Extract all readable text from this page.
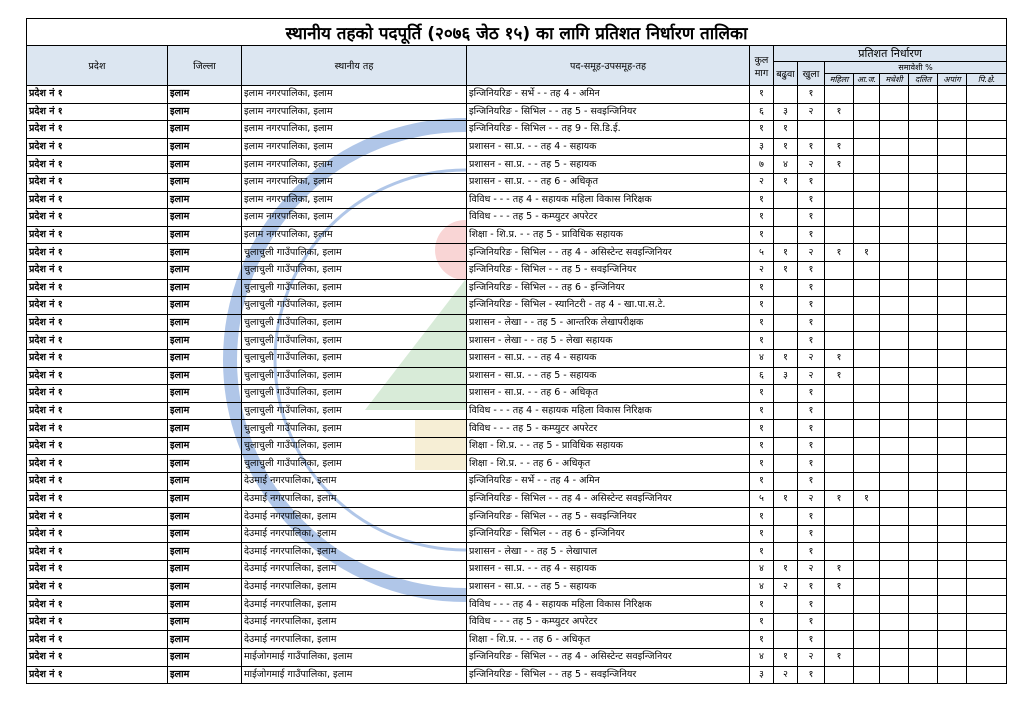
स्थानीय तहको पदपूर्ति (२०७६ जेठ १५) का लागि प्रतिशत निर्धारण तालिका												
प्रदेश	जिल्ला	स्थानीय तह	पद-समूह-उपसमूह-तह	कुल माग	प्रतिशत निर्धारण							
					बढुवा	खुला	समावेशी %					
							महिला	आ.ज.	मधेशी	दलित	अपांग	पि.क्षे.
प्रदेश नं १	इलाम	इलाम नगरपालिका, इलाम	इन्जिनियरिङ - सर्भे - - तह 4 - अमिन	१		१						
प्रदेश नं १	इलाम	इलाम नगरपालिका, इलाम	इन्जिनियरिङ - सिभिल - - तह 5 - सवइन्जिनियर	६	३	२	१					
प्रदेश नं १	इलाम	इलाम नगरपालिका, इलाम	इन्जिनियरिङ - सिभिल - - तह 9 - सि.डि.ई.	१	१							
प्रदेश नं १	इलाम	इलाम नगरपालिका, इलाम	प्रशासन - सा.प्र. - - तह 4 - सहायक	३	१	१	१					
प्रदेश नं १	इलाम	इलाम नगरपालिका, इलाम	प्रशासन - सा.प्र. - - तह 5 - सहायक	७	४	२	१					
प्रदेश नं १	इलाम	इलाम नगरपालिका, इलाम	प्रशासन - सा.प्र. - - तह 6 - अधिकृत	२	१	१						
प्रदेश नं १	इलाम	इलाम नगरपालिका, इलाम	विविध - - - तह 4 - सहायक महिला विकास निरिक्षक	१		१						
प्रदेश नं १	इलाम	इलाम नगरपालिका, इलाम	विविध - - - तह 5 - कम्प्युटर अपरेटर	१		१						
प्रदेश नं १	इलाम	इलाम नगरपालिका, इलाम	शिक्षा - शि.प्र. - - तह 5 - प्राविधिक सहायक	१		१						
प्रदेश नं १	इलाम	चुलाचुली गाउँपालिका, इलाम	इन्जिनियरिङ - सिभिल - - तह 4 - असिस्टेन्ट सवइन्जिनियर	५	१	२	१	१				
प्रदेश नं १	इलाम	चुलाचुली गाउँपालिका, इलाम	इन्जिनियरिङ - सिभिल - - तह 5 - सवइन्जिनियर	२	१	१						
प्रदेश नं १	इलाम	चुलाचुली गाउँपालिका, इलाम	इन्जिनियरिङ - सिभिल - - तह 6 - इन्जिनियर	१		१						
प्रदेश नं १	इलाम	चुलाचुली गाउँपालिका, इलाम	इन्जिनियरिङ - सिभिल - स्यानिटरी - तह 4 - खा.पा.स.टे.	१		१						
प्रदेश नं १	इलाम	चुलाचुली गाउँपालिका, इलाम	प्रशासन - लेखा - - तह 5 - आन्तरिक लेखापरीक्षक	१		१						
प्रदेश नं १	इलाम	चुलाचुली गाउँपालिका, इलाम	प्रशासन - लेखा - - तह 5 - लेखा सहायक	१		१						
प्रदेश नं १	इलाम	चुलाचुली गाउँपालिका, इलाम	प्रशासन - सा.प्र. - - तह 4 - सहायक	४	१	२	१					
प्रदेश नं १	इलाम	चुलाचुली गाउँपालिका, इलाम	प्रशासन - सा.प्र. - - तह 5 - सहायक	६	३	२	१					
प्रदेश नं १	इलाम	चुलाचुली गाउँपालिका, इलाम	प्रशासन - सा.प्र. - - तह 6 - अधिकृत	१		१						
प्रदेश नं १	इलाम	चुलाचुली गाउँपालिका, इलाम	विविध - - - तह 4 - सहायक महिला विकास निरिक्षक	१		१						
प्रदेश नं १	इलाम	चुलाचुली गाउँपालिका, इलाम	विविध - - - तह 5 - कम्प्युटर अपरेटर	१		१						
प्रदेश नं १	इलाम	चुलाचुली गाउँपालिका, इलाम	शिक्षा - शि.प्र. - - तह 5 - प्राविधिक सहायक	१		१						
प्रदेश नं १	इलाम	चुलाचुली गाउँपालिका, इलाम	शिक्षा - शि.प्र. - - तह 6 - अधिकृत	१		१						
प्रदेश नं १	इलाम	देउमाई नगरपालिका, इलाम	इन्जिनियरिङ - सर्भे - - तह 4 - अमिन	१		१						
प्रदेश नं १	इलाम	देउमाई नगरपालिका, इलाम	इन्जिनियरिङ - सिभिल - - तह 4 - असिस्टेन्ट सवइन्जिनियर	५	१	२	१	१				
प्रदेश नं १	इलाम	देउमाई नगरपालिका, इलाम	इन्जिनियरिङ - सिभिल - - तह 5 - सवइन्जिनियर	१		१						
प्रदेश नं १	इलाम	देउमाई नगरपालिका, इलाम	इन्जिनियरिङ - सिभिल - - तह 6 - इन्जिनियर	१		१						
प्रदेश नं १	इलाम	देउमाई नगरपालिका, इलाम	प्रशासन - लेखा - - तह 5 - लेखापाल	१		१						
प्रदेश नं १	इलाम	देउमाई नगरपालिका, इलाम	प्रशासन - सा.प्र. - - तह 4 - सहायक	४	१	२	१					
प्रदेश नं १	इलाम	देउमाई नगरपालिका, इलाम	प्रशासन - सा.प्र. - - तह 5 - सहायक	४	२	१	१					
प्रदेश नं १	इलाम	देउमाई नगरपालिका, इलाम	विविध - - - तह 4 - सहायक महिला विकास निरिक्षक	१		१						
प्रदेश नं १	इलाम	देउमाई नगरपालिका, इलाम	विविध - - - तह 5 - कम्प्युटर अपरेटर	१		१						
प्रदेश नं १	इलाम	देउमाई नगरपालिका, इलाम	शिक्षा - शि.प्र. - - तह 6 - अधिकृत	१		१						
प्रदेश नं १	इलाम	माईजोगमाई गाउँपालिका, इलाम	इन्जिनियरिङ - सिभिल - - तह 4 - असिस्टेन्ट सवइन्जिनियर	४	१	२	१					
प्रदेश नं १	इलाम	माईजोगमाई गाउँपालिका, इलाम	इन्जिनियरिङ - सिभिल - - तह 5 - सवइन्जिनियर	३	२	१						
